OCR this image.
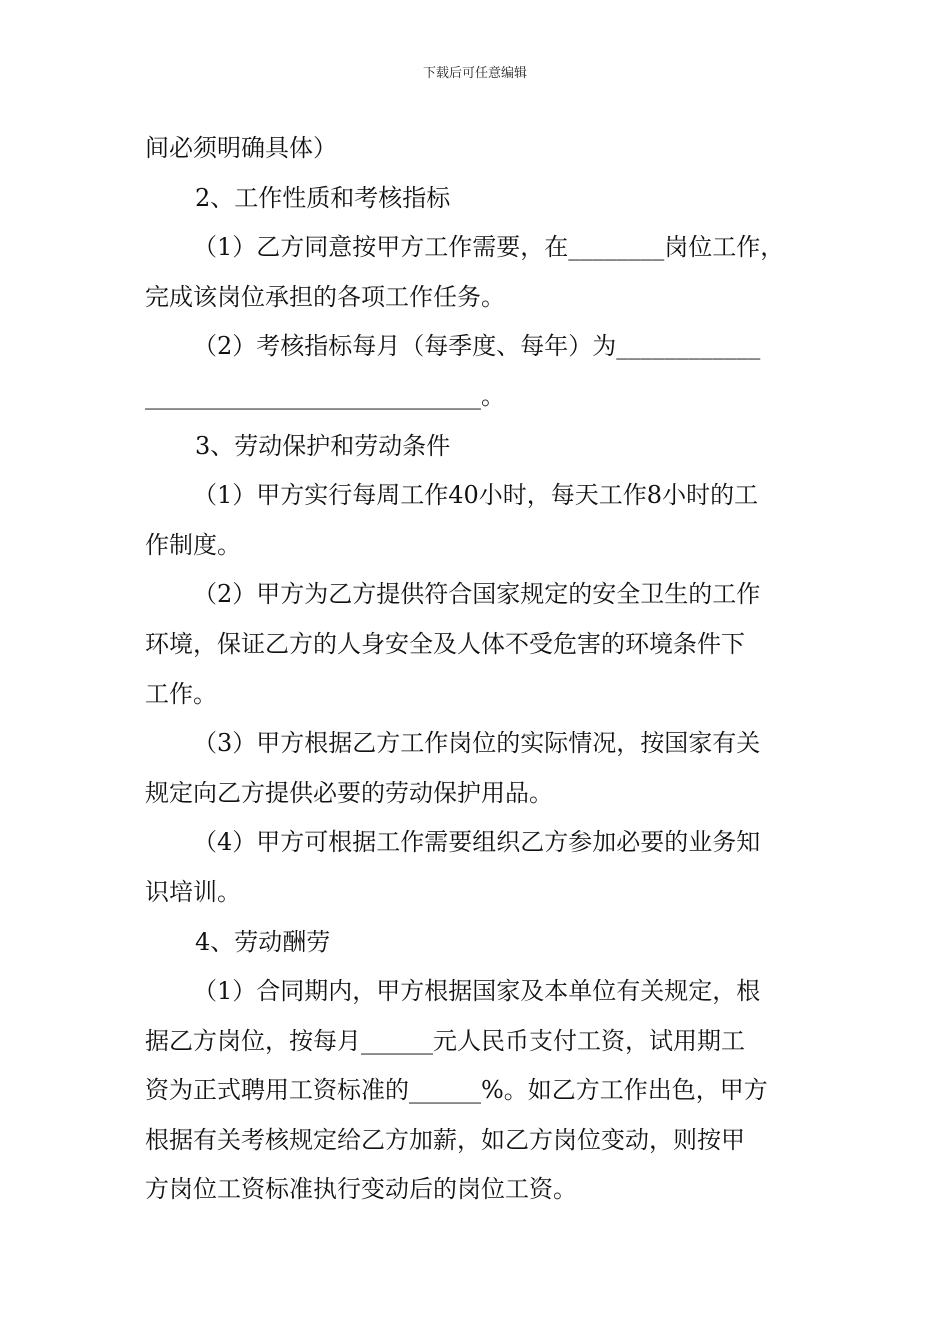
下载后可任意编辑
间必须明确具体）
2、工作性质和考核指标
（1）乙方同意按甲方工作需要，在________岗位工作，
完成该岗位承担的各项工作任务。
（2）考核指标每月（每季度、每年）为____________
____________________________。
3、劳动保护和劳动条件
（1）甲方实行每周工作40小时，每天工作8小时的工
作制度。
（2）甲方为乙方提供符合国家规定的安全卫生的工作
环境，保证乙方的人身安全及人体不受危害的环境条件下
工作。
（3）甲方根据乙方工作岗位的实际情况，按国家有关
规定向乙方提供必要的劳动保护用品。
（4）甲方可根据工作需要组织乙方参加必要的业务知
识培训。
4、劳动酬劳
（1）合同期内，甲方根据国家及本单位有关规定，根
据乙方岗位，按每月______元人民币支付工资，试用期工
资为正式聘用工资标准的______%。如乙方工作出色，甲方
根据有关考核规定给乙方加薪，如乙方岗位变动，则按甲
方岗位工资标准执行变动后的岗位工资。
